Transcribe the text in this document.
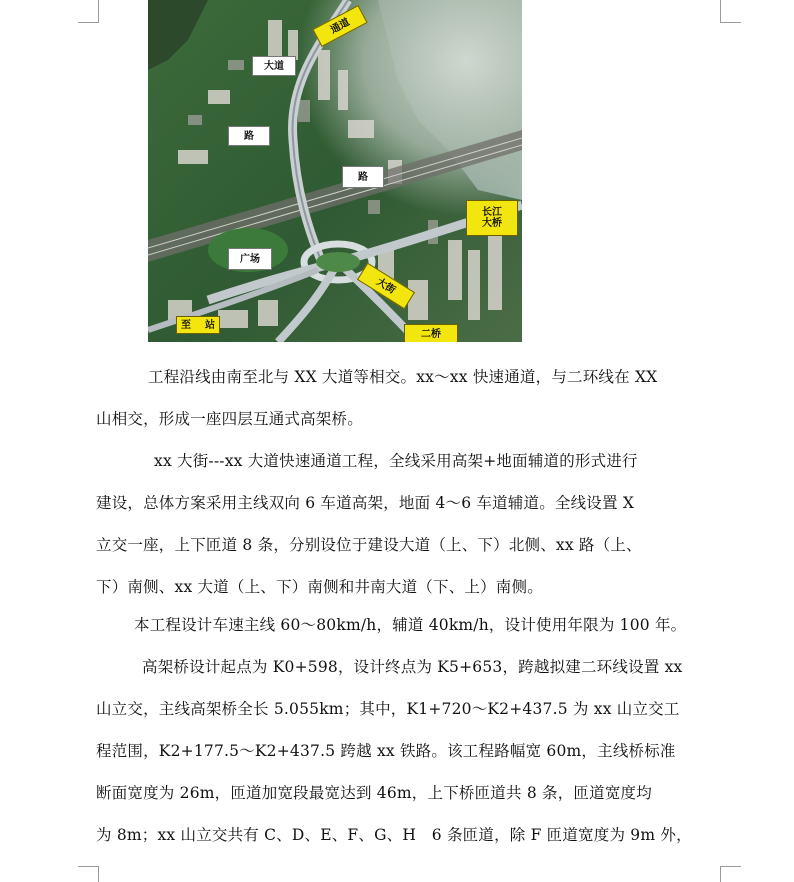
通道
大道
路
路
长江
大桥
广场
大街
至 站
二桥
工程沿线由南至北与 XX 大道等相交。xx～xx 快速通道，与二环线在 XX
山相交，形成一座四层互通式高架桥。
xx 大街---xx 大道快速通道工程，全线采用高架+地面辅道的形式进行
建设，总体方案采用主线双向 6 车道高架，地面 4～6 车道辅道。全线设置 X
立交一座，上下匝道 8 条，分别设位于建设大道（上、下）北侧、xx 路（上、
下）南侧、xx 大道（上、下）南侧和井南大道（下、上）南侧。
本工程设计车速主线 60～80km/h，辅道 40km/h，设计使用年限为 100 年。
高架桥设计起点为 K0+598，设计终点为 K5+653，跨越拟建二环线设置 xx
山立交，主线高架桥全长 5.055km；其中，K1+720～K2+437.5 为 xx 山立交工
程范围，K2+177.5～K2+437.5 跨越 xx 铁路。该工程路幅宽 60m，主线桥标准
断面宽度为 26m，匝道加宽段最宽达到 46m，上下桥匝道共 8 条，匝道宽度均
为 8m；xx 山立交共有 C、D、E、F、G、H　6 条匝道，除 F 匝道宽度为 9m 外，
